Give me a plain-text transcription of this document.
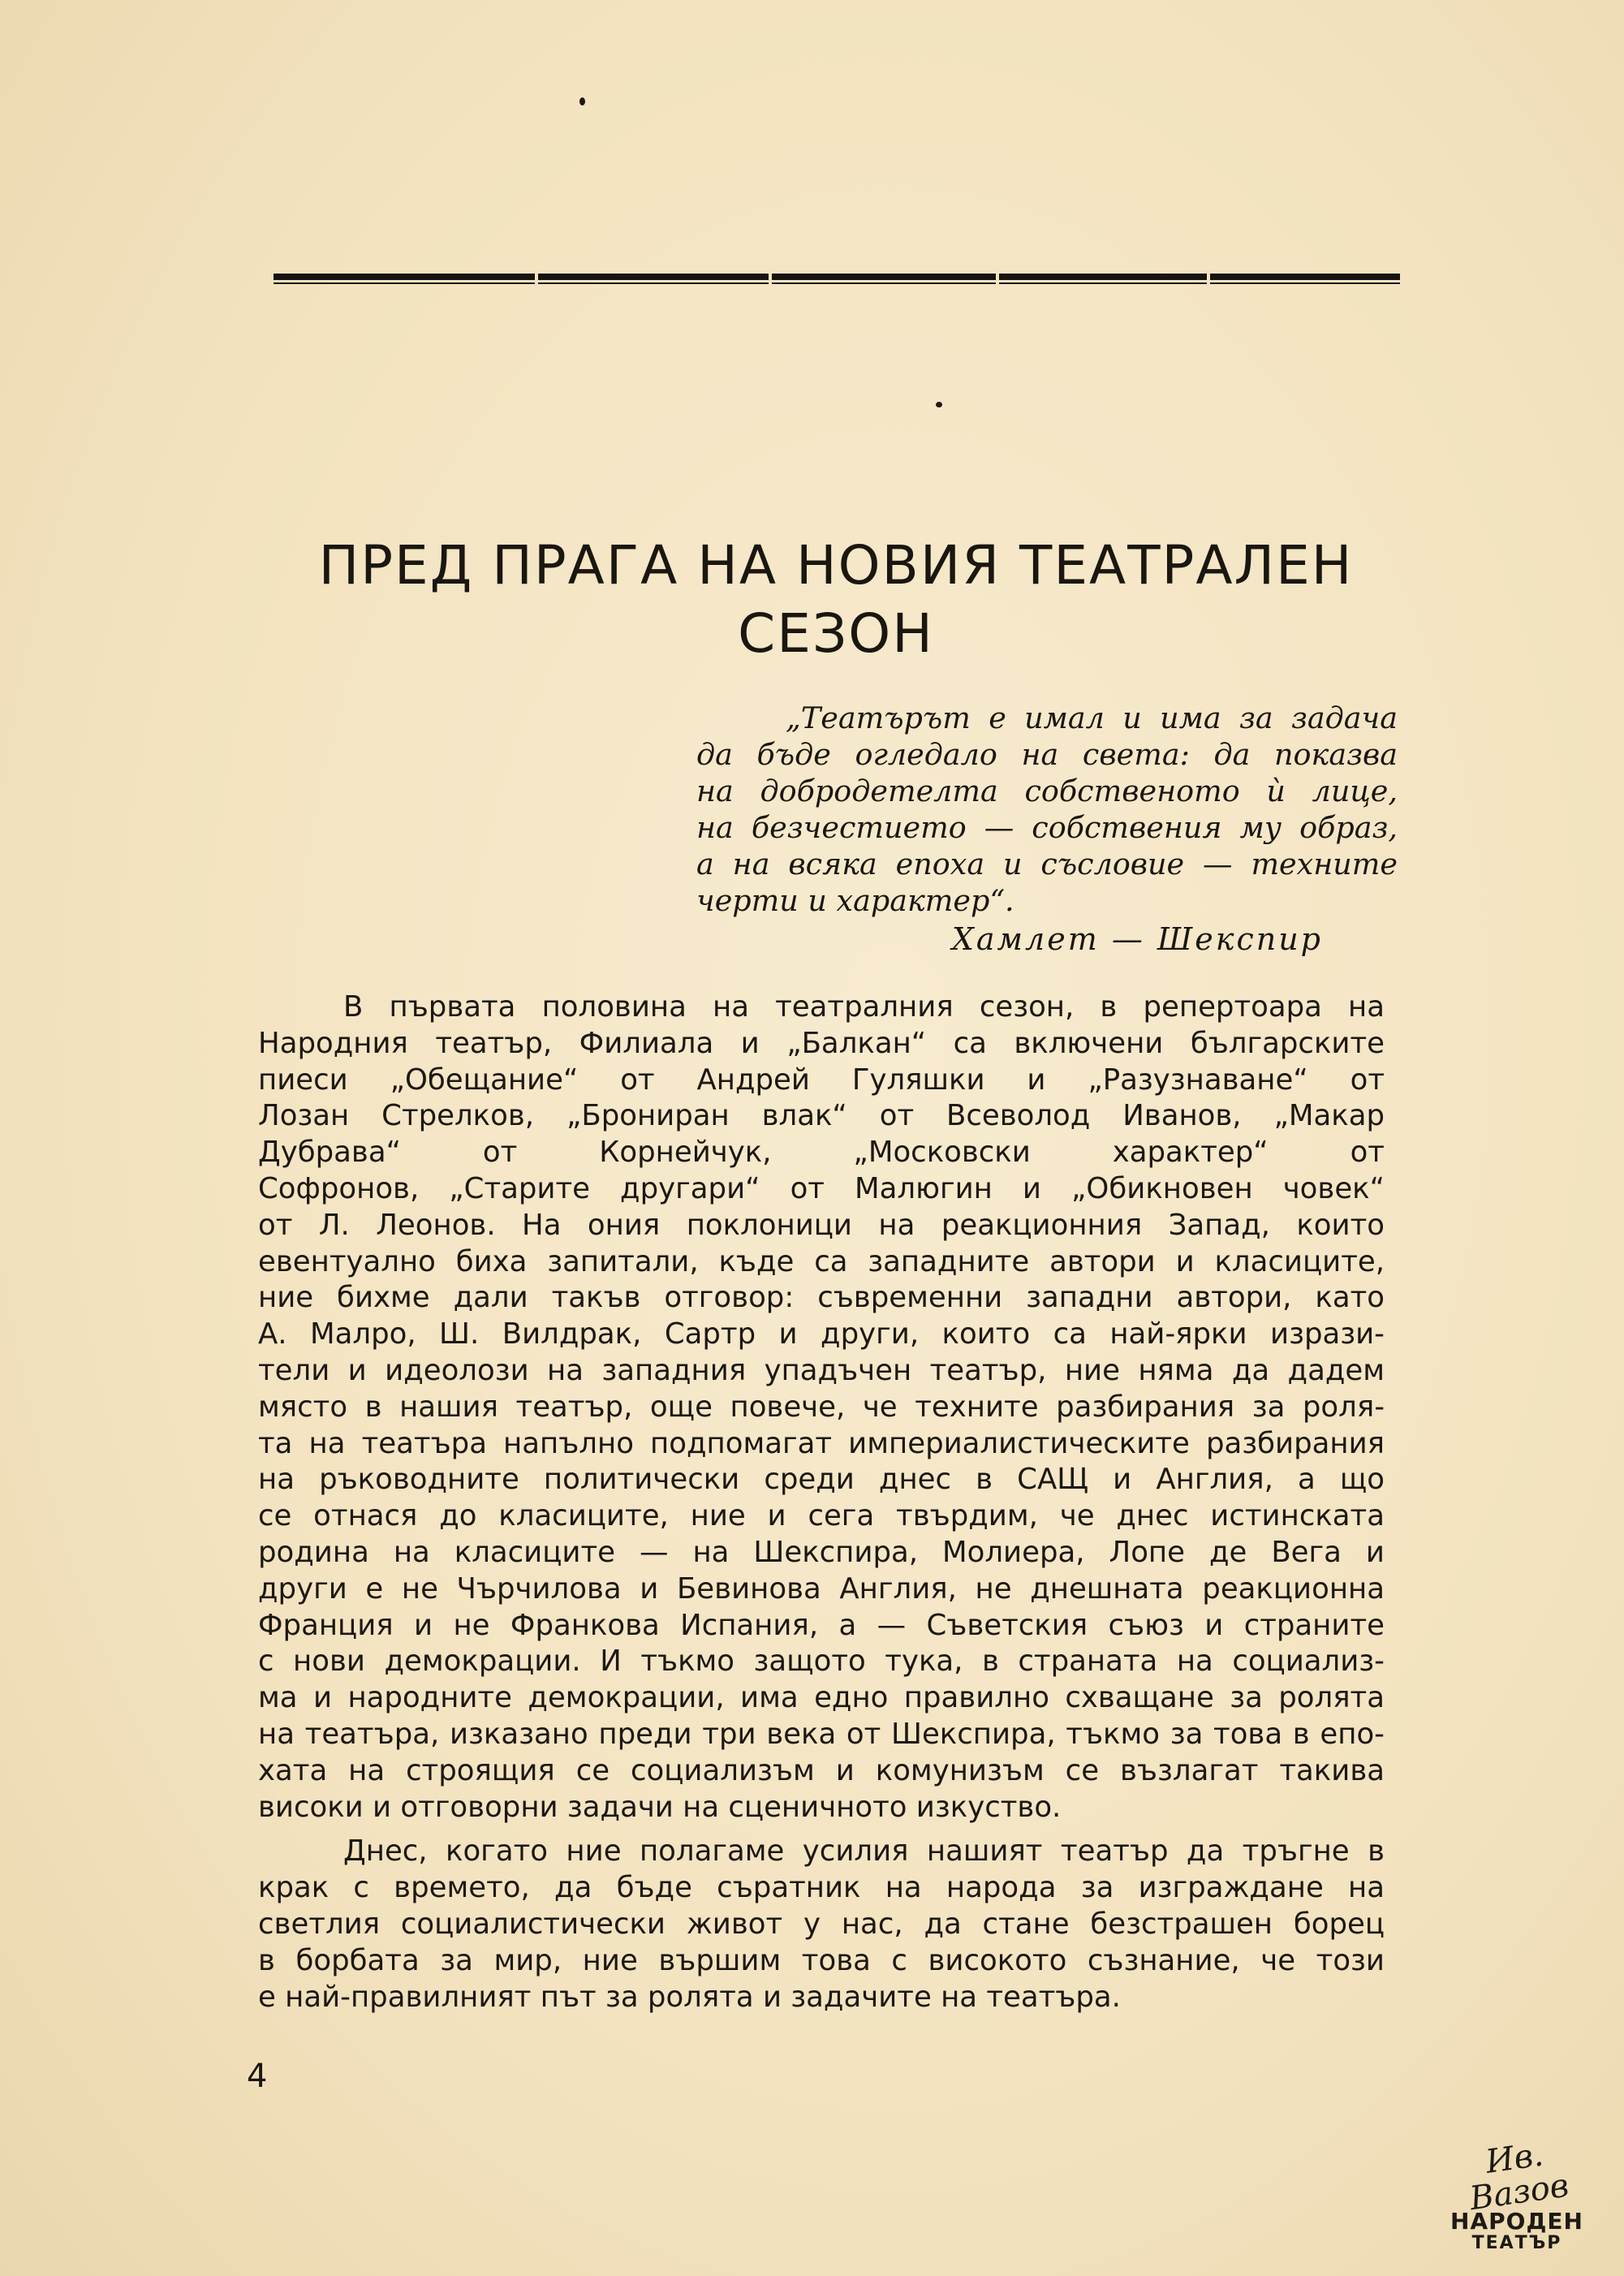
ПРЕД ПРАГА НА НОВИЯ ТЕАТРАЛЕН
СЕЗОН

„Театърът е имал и има за задача

да бъде огледало на света: да показва

на добродетелта собственото ѝ лице,

на безчестието — собствения му образ,

а на всяка епоха и съсловие — техните

черти и характер“.

Хамлет — Шекспир

В първата половина на театралния сезон, в репертоара на

Народния театър, Филиала и „Балкан“ са включени българските

пиеси „Обещание“ от Андрей Гуляшки и „Разузнаване“ от

Лозан Стрелков, „Брониран влак“ от Всеволод Иванов, „Макар

Дубрава“ от Корнейчук, „Московски характер“ от

Софронов, „Старите другари“ от Малюгин и „Обикновен човек“

от Л. Леонов. На ония поклоници на реакционния Запад, които

евентуално биха запитали, къде са западните автори и класиците,

ние бихме дали такъв отговор: съвременни западни автори, като

А. Малро, Ш. Вилдрак, Сартр и други, които са най-ярки изрази-

тели и идеолози на западния упадъчен театър, ние няма да дадем

място в нашия театър, още повече, че техните разбирания за роля-

та на театъра напълно подпомагат империалистическите разбирания

на ръководните политически среди днес в САЩ и Англия, а що

се отнася до класиците, ние и сега твърдим, че днес истинската

родина на класиците — на Шекспира, Молиера, Лопе де Вега и

други е не Чърчилова и Бевинова Англия, не днешната реакционна

Франция и не Франкова Испания, а — Съветския съюз и страните

с нови демокрации. И тъкмо защото тука, в страната на социализ-

ма и народните демокрации, има едно правилно схващане за ролята

на театъра, изказано преди три века от Шекспира, тъкмо за това в епо-

хата на строящия се социализъм и комунизъм се възлагат такива

високи и отговорни задачи на сценичното изкуство.

Днес, когато ние полагаме усилия нашият театър да тръгне в

крак с времето, да бъде съратник на народа за изграждане на

светлия социалистически живот у нас, да стане безстрашен борец

в борбата за мир, ние вършим това с високото съзнание, че този

е най-правилният път за ролята и задачите на театъра.

4
Ив. Вазов
НАРОДЕН
ТЕАТЪР
